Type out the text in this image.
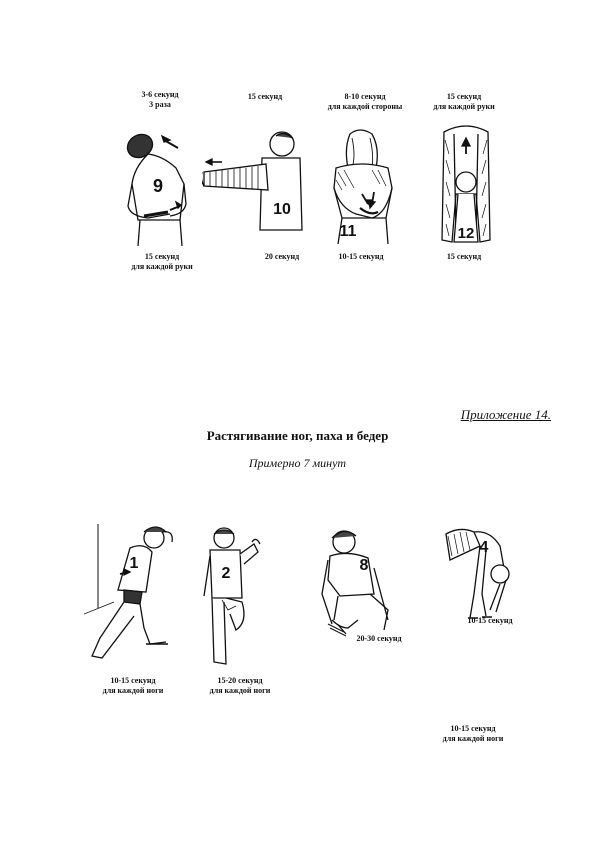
3-6 секунд
3 раза
15 секунд	8-10 секунд
для каждой стороны
15 секунд
для каждой руки
9
10
11	12
15 секунд
для каждой руки
20 секунд	10-15 секунд	15 секунд
Приложение 14.
Растягивание ног, паха и бедер
Примерно 7 минут
1
2	8
4
10-15 секунд
для каждой ноги
15-20 секунд
для каждой ноги
20-30 секунд
10-15 секунд
10-15 секунд
для каждой ноги
